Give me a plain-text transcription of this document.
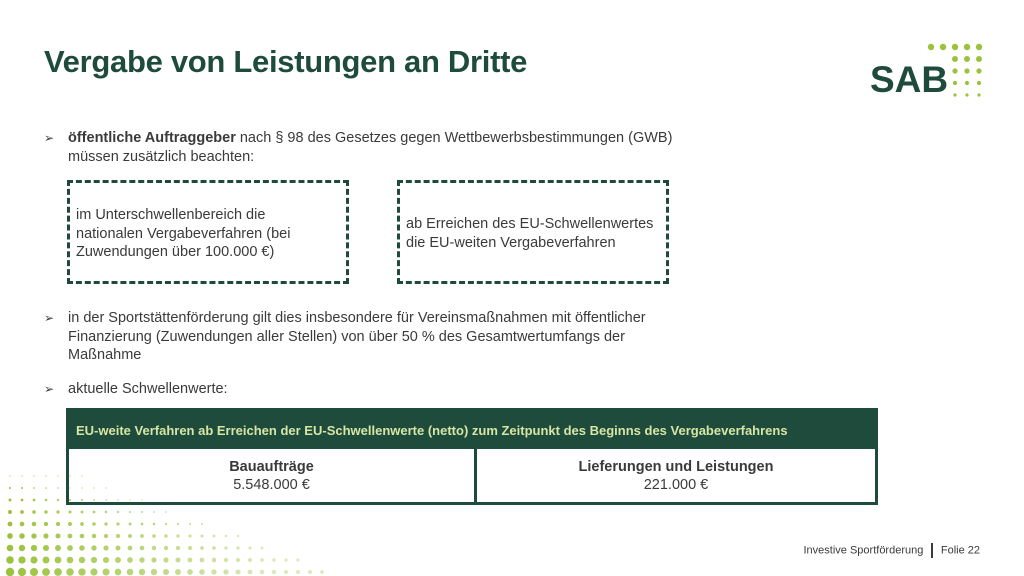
Vergabe von Leistungen an Dritte	SAB
➢ öffentliche Auftraggeber nach § 98 des Gesetzes gegen Wettbewerbsbestimmungen (GWB)
müssen zusätzlich beachten:
im Unterschwellenbereich die
nationalen Vergabeverfahren (bei
Zuwendungen über 100.000 €)
ab Erreichen des EU-Schwellenwertes
die EU-weiten Vergabeverfahren
➢ in der Sportstättenförderung gilt dies insbesondere für Vereinsmaßnahmen mit öffentlicher
Finanzierung (Zuwendungen aller Stellen) von über 50 % des Gesamtwertumfangs der
Maßnahme
➢ aktuelle Schwellenwerte:
EU-weite Verfahren ab Erreichen der EU-Schwellenwerte (netto) zum Zeitpunkt des Beginns des Vergabeverfahrens
Bauaufträge
5.548.000 €
Lieferungen und Leistungen
221.000 €
Investive Sportförderung Folie 22
